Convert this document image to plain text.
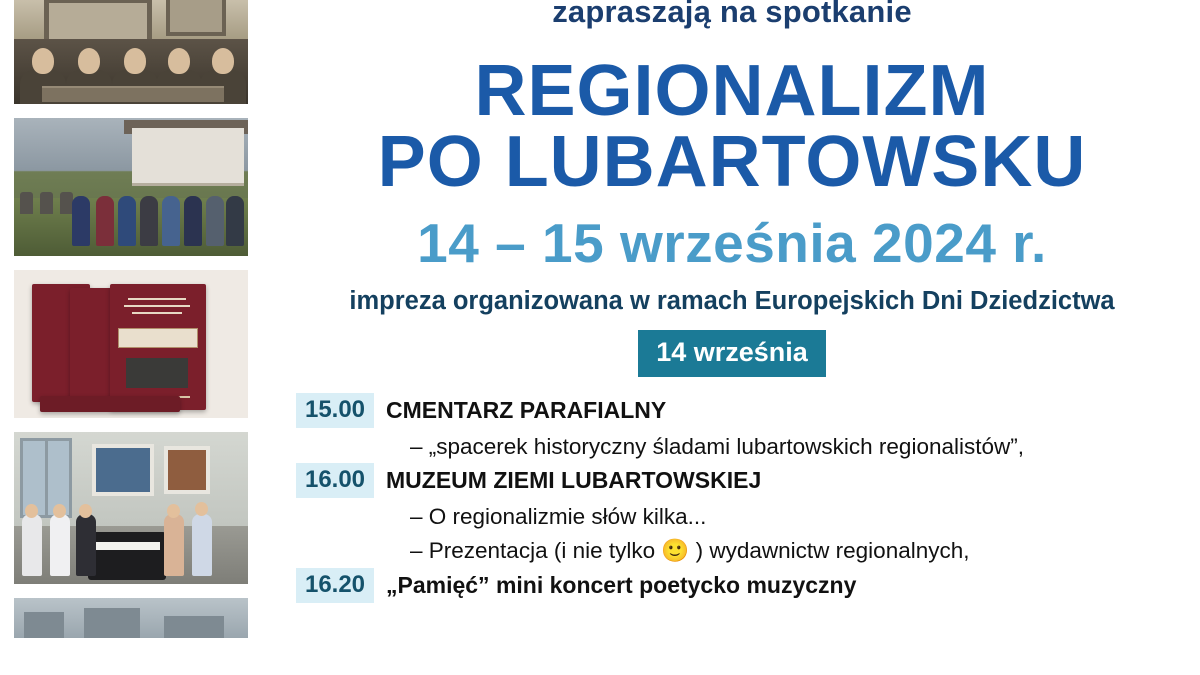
zapraszają na spotkanie
REGIONALIZM
PO LUBARTOWSKU
14 – 15 września 2024 r.
impreza organizowana w ramach Europejskich Dni Dziedzictwa
14 września
15.00 CMENTARZ PARAFIALNY
– „spacerek historyczny śladami lubartowskich regionalistów”,
16.00 MUZEUM ZIEMI LUBARTOWSKIEJ
– O regionalizmie słów kilka...
– Prezentacja (i nie tylko 🙂 ) wydawnictw regionalnych,
16.20 „Pamięć” mini koncert poetycko muzyczny
